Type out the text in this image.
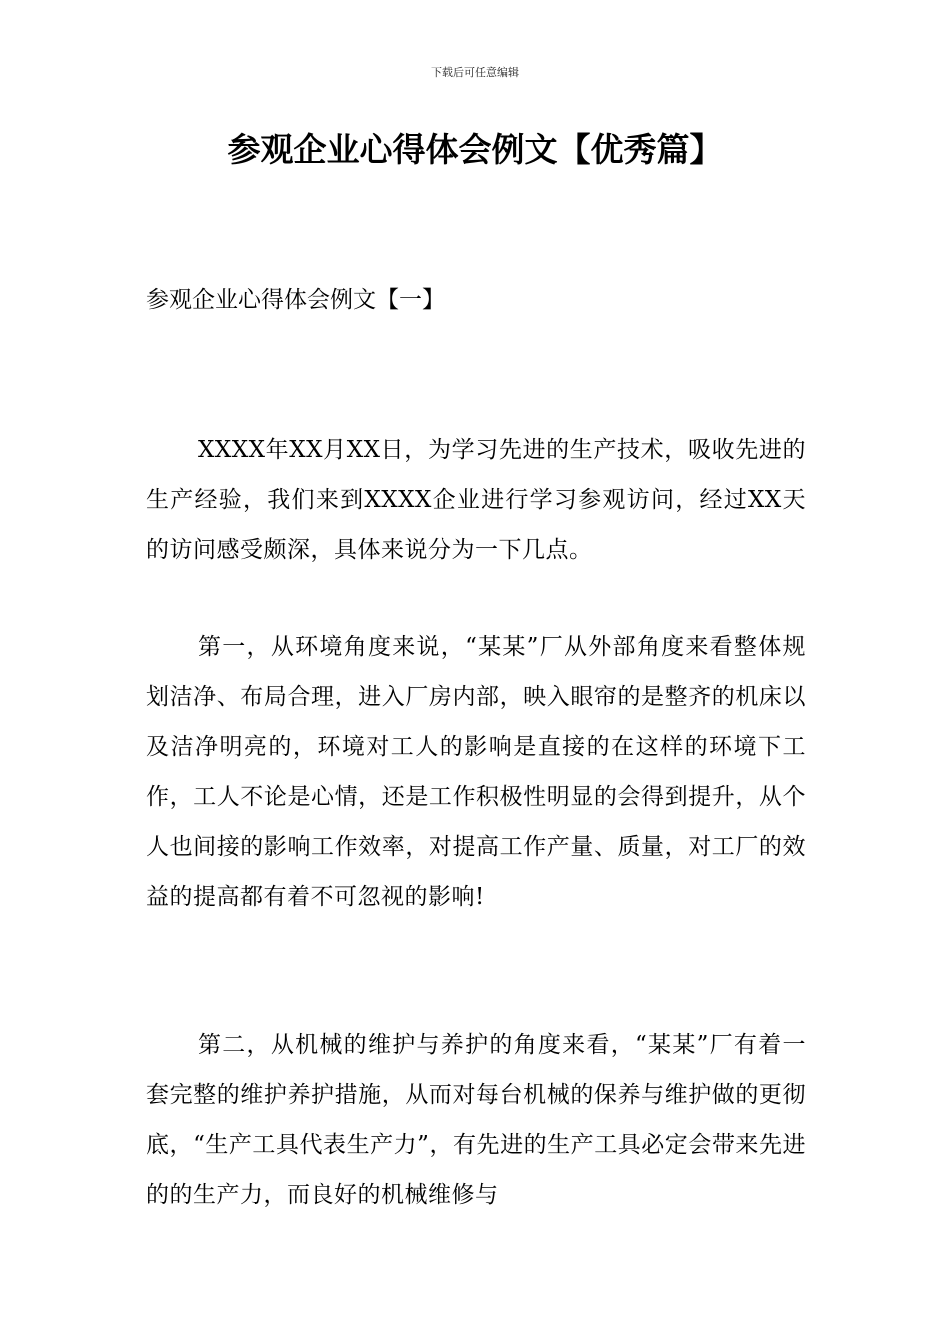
下载后可任意编辑
参观企业心得体会例文【优秀篇】
参观企业心得体会例文【一】

XXXX年XX月XX日，为学习先进的生产技术，吸收先进的生产经验，我们来到XXXX企业进行学习参观访问，经过XX天的访问感受颇深，具体来说分为一下几点。

第一，从环境角度来说，“某某”厂从外部角度来看整体规划洁净、布局合理，进入厂房内部，映入眼帘的是整齐的机床以及洁净明亮的，环境对工人的影响是直接的在这样的环境下工作，工人不论是心情，还是工作积极性明显的会得到提升，从个人也间接的影响工作效率，对提高工作产量、质量，对工厂的效益的提高都有着不可忽视的影响!

第二，从机械的维护与养护的角度来看，“某某”厂有着一套完整的维护养护措施，从而对每台机械的保养与维护做的更彻底，“生产工具代表生产力”，有先进的生产工具必定会带来先进的的生产力，而良好的机械维修与
